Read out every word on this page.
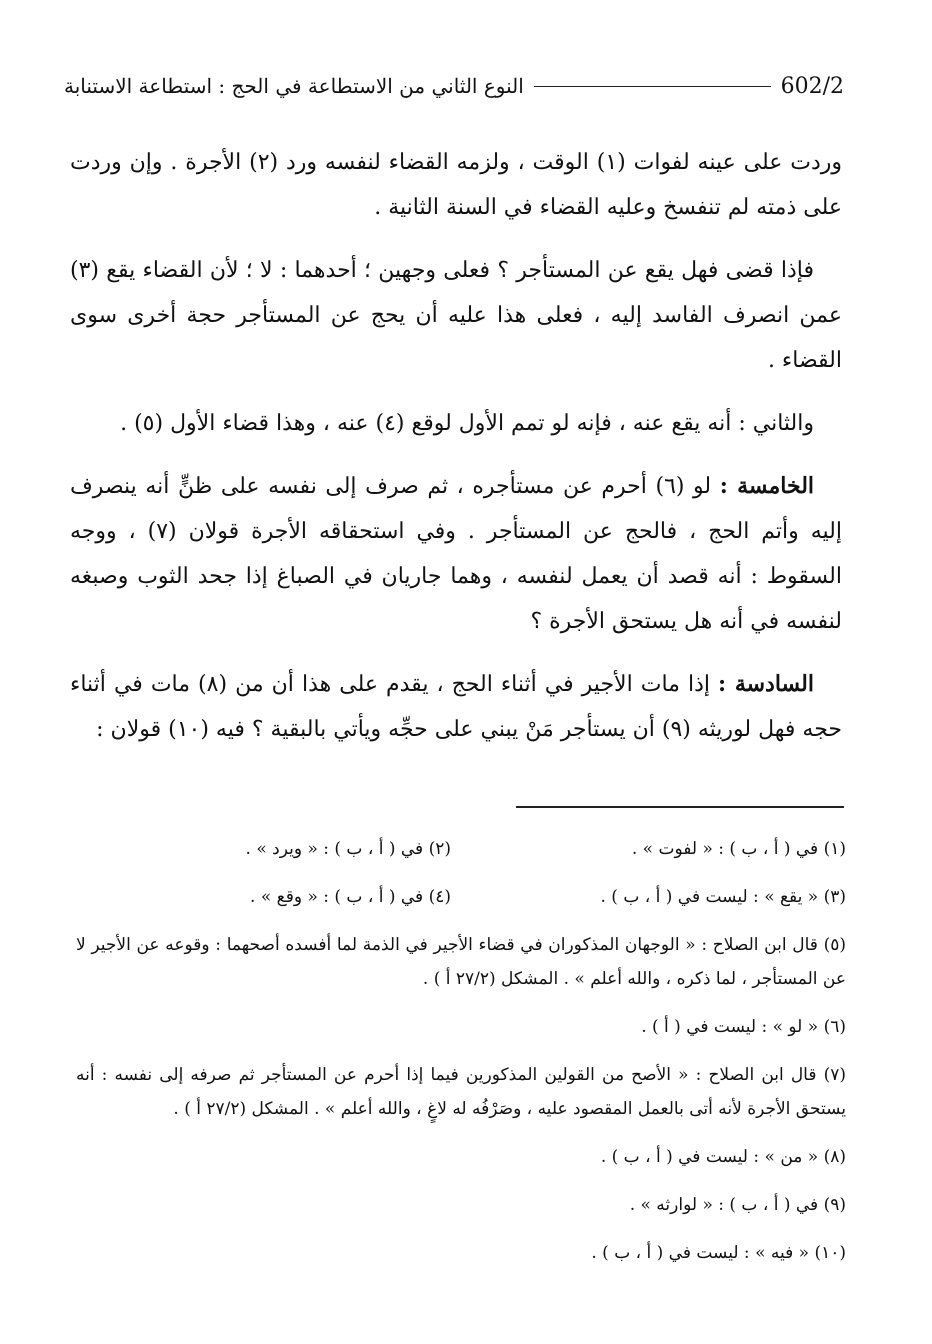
النوع الثاني من الاستطاعة في الحج : استطاعة الاستنابة	602/2

وردت على عينه لفوات (١) الوقت ، ولزمه القضاء لنفسه ورد (٢) الأجرة . وإن وردت على ذمته لم تنفسخ وعليه القضاء في السنة الثانية .

فإذا قضى فهل يقع عن المستأجر ؟ فعلى وجهين ؛ أحدهما : لا ؛ لأن القضاء يقع (٣) عمن انصرف الفاسد إليه ، فعلى هذا عليه أن يحج عن المستأجر حجة أخرى سوى القضاء .

والثاني : أنه يقع عنه ، فإنه لو تمم الأول لوقع (٤) عنه ، وهذا قضاء الأول (٥) .

الخامسة : لو (٦) أحرم عن مستأجره ، ثم صرف إلى نفسه على ظنٍّ أنه ينصرف إليه وأتم الحج ، فالحج عن المستأجر . وفي استحقاقه الأجرة قولان (٧) ، ووجه السقوط : أنه قصد أن يعمل لنفسه ، وهما جاريان في الصباغ إذا جحد الثوب وصبغه لنفسه في أنه هل يستحق الأجرة ؟

السادسة : إذا مات الأجير في أثناء الحج ، يقدم على هذا أن من (٨) مات في أثناء حجه فهل لوريثه (٩) أن يستأجر مَنْ يبني على حجِّه ويأتي بالبقية ؟ فيه (١٠) قولان :

(١) في ( أ ، ب ) : « لفوت » .
(٢) في ( أ ، ب ) : « ويرد » .
(٣) « يقع » : ليست في ( أ ، ب ) .
(٤) في ( أ ، ب ) : « وقع » .

(٥) قال ابن الصلاح : « الوجهان المذكوران في قضاء الأجير في الذمة لما أفسده أصحهما : وقوعه عن الأجير لا عن المستأجر ، لما ذكره ، والله أعلم » . المشكل (٢٧/٢ أ ) .

(٦) « لو » : ليست في ( أ ) .

(٧) قال ابن الصلاح : « الأصح من القولين المذكورين فيما إذا أحرم عن المستأجر ثم صرفه إلى نفسه : أنه يستحق الأجرة لأنه أتى بالعمل المقصود عليه ، وصَرْفُه له لاغٍ ، والله أعلم » . المشكل (٢٧/٢ أ ) .

(٨) « من » : ليست في ( أ ، ب ) .

(٩) في ( أ ، ب ) : « لوارثه » .

(١٠) « فيه » : ليست في ( أ ، ب ) .
